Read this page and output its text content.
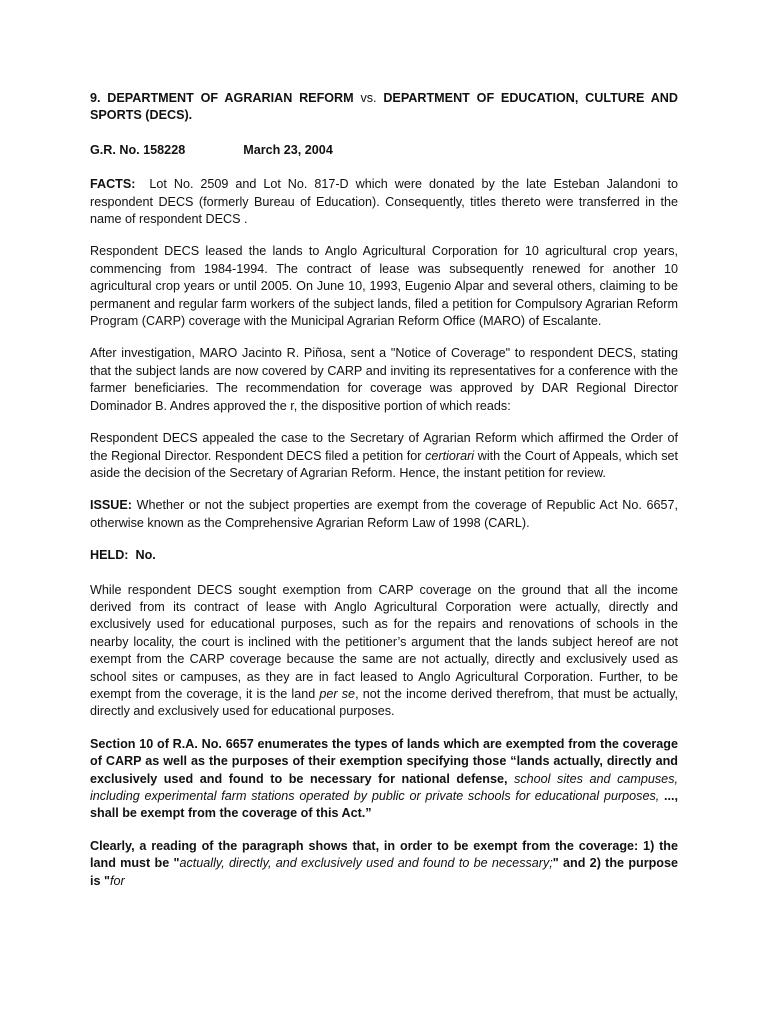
9. DEPARTMENT OF AGRARIAN REFORM vs. DEPARTMENT OF EDUCATION, CULTURE AND SPORTS (DECS).

G.R. No. 158228	March 23, 2004

FACTS: Lot No. 2509 and Lot No. 817-D which were donated by the late Esteban Jalandoni to respondent DECS (formerly Bureau of Education). Consequently, titles thereto were transferred in the name of respondent DECS .

Respondent DECS leased the lands to Anglo Agricultural Corporation for 10 agricultural crop years, commencing from 1984-1994. The contract of lease was subsequently renewed for another 10 agricultural crop years or until 2005. On June 10, 1993, Eugenio Alpar and several others, claiming to be permanent and regular farm workers of the subject lands, filed a petition for Compulsory Agrarian Reform Program (CARP) coverage with the Municipal Agrarian Reform Office (MARO) of Escalante.

After investigation, MARO Jacinto R. Piñosa, sent a "Notice of Coverage" to respondent DECS, stating that the subject lands are now covered by CARP and inviting its representatives for a conference with the farmer beneficiaries. The recommendation for coverage was approved by DAR Regional Director Dominador B. Andres approved the r, the dispositive portion of which reads:

Respondent DECS appealed the case to the Secretary of Agrarian Reform which affirmed the Order of the Regional Director. Respondent DECS filed a petition for certiorari with the Court of Appeals, which set aside the decision of the Secretary of Agrarian Reform. Hence, the instant petition for review.

ISSUE: Whether or not the subject properties are exempt from the coverage of Republic Act No. 6657, otherwise known as the Comprehensive Agrarian Reform Law of 1998 (CARL).

HELD:  No.

While respondent DECS sought exemption from CARP coverage on the ground that all the income derived from its contract of lease with Anglo Agricultural Corporation were actually, directly and exclusively used for educational purposes, such as for the repairs and renovations of schools in the nearby locality, the court is inclined with the petitioner’s argument that the lands subject hereof are not exempt from the CARP coverage because the same are not actually, directly and exclusively used as school sites or campuses, as they are in fact leased to Anglo Agricultural Corporation. Further, to be exempt from the coverage, it is the land per se, not the income derived therefrom, that must be actually, directly and exclusively used for educational purposes.

Section 10 of R.A. No. 6657 enumerates the types of lands which are exempted from the coverage of CARP as well as the purposes of their exemption specifying those “lands actually, directly and exclusively used and found to be necessary for national defense, school sites and campuses, including experimental farm stations operated by public or private schools for educational purposes, ..., shall be exempt from the coverage of this Act.”

Clearly, a reading of the paragraph shows that, in order to be exempt from the coverage: 1) the land must be "actually, directly, and exclusively used and found to be necessary;" and 2) the purpose is "for
